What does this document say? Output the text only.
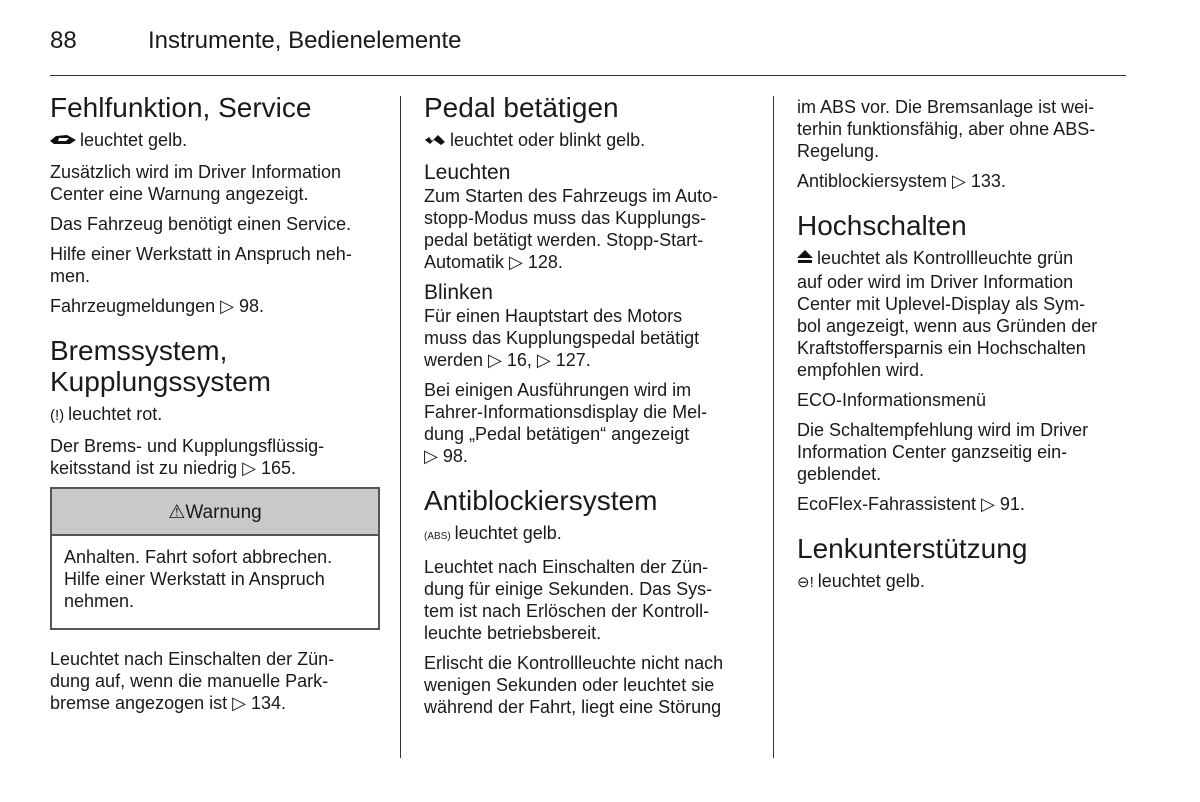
88	Instrumente, Bedienelemente
Fehlfunktion, Service

leuchtet gelb.

Zusätzlich wird im Driver Information
Center eine Warnung angezeigt.

Das Fahrzeug benötigt einen Service.

Hilfe einer Werkstatt in Anspruch neh-
men.

Fahrzeugmeldungen ▷ 98.

Bremssystem,
Kupplungssystem

(!) leuchtet rot.

Der Brems- und Kupplungsflüssig-
keitsstand ist zu niedrig ▷ 165.

⚠Warnung

Anhalten. Fahrt sofort abbrechen.
Hilfe einer Werkstatt in Anspruch
nehmen.

Leuchtet nach Einschalten der Zün-
dung auf, wenn die manuelle Park-
bremse angezogen ist ▷ 134.

Pedal betätigen

leuchtet oder blinkt gelb.

Leuchten

Zum Starten des Fahrzeugs im Auto-
stopp-Modus muss das Kupplungs-
pedal betätigt werden. Stopp-Start-
Automatik ▷ 128.

Blinken

Für einen Hauptstart des Motors
muss das Kupplungspedal betätigt
werden ▷ 16, ▷ 127.

Bei einigen Ausführungen wird im
Fahrer-Informationsdisplay die Mel-
dung „Pedal betätigen“ angezeigt
▷ 98.

Antiblockiersystem

(ABS) leuchtet gelb.

Leuchtet nach Einschalten der Zün-
dung für einige Sekunden. Das Sys-
tem ist nach Erlöschen der Kontroll-
leuchte betriebsbereit.

Erlischt die Kontrollleuchte nicht nach
wenigen Sekunden oder leuchtet sie
während der Fahrt, liegt eine Störung

im ABS vor. Die Bremsanlage ist wei-
terhin funktionsfähig, aber ohne ABS-
Regelung.

Antiblockiersystem ▷ 133.

Hochschalten

leuchtet als Kontrollleuchte grün
auf oder wird im Driver Information
Center mit Uplevel-Display als Sym-
bol angezeigt, wenn aus Gründen der
Kraftstoffersparnis ein Hochschalten
empfohlen wird.

ECO-Informationsmenü

Die Schaltempfehlung wird im Driver
Information Center ganzseitig ein-
geblendet.

EcoFlex-Fahrassistent ▷ 91.

Lenkunterstützung

⊖! leuchtet gelb.
